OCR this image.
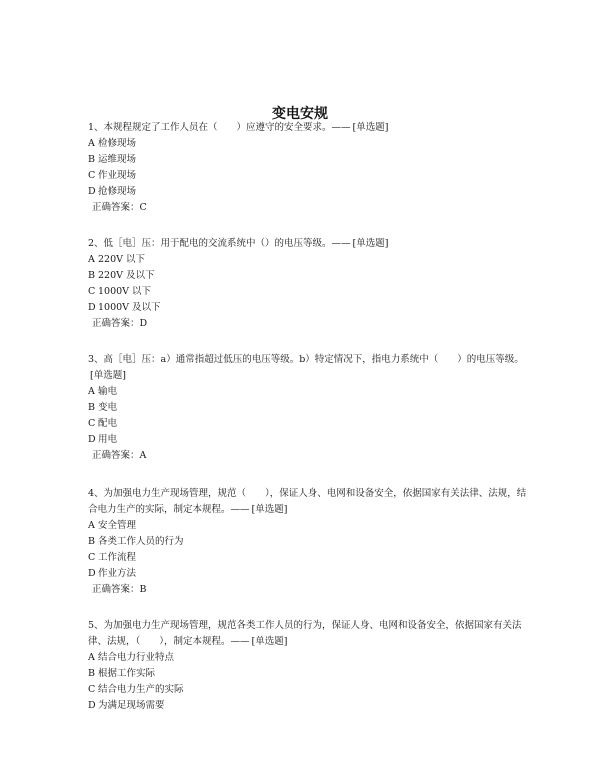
变电安规

1、本规程规定了工作人员在（　　）应遵守的安全要求。—— [单选题]

A 检修现场

B 运维现场

C 作业现场

D 抢修现场

正确答案：C

2、低［电］压：用于配电的交流系统中（）的电压等级。—— [单选题]

A 220V 以下

B 220V 及以下

C 1000V 以下

D 1000V 及以下

正确答案：D

3、高［电］压：a）通常指超过低压的电压等级。b）特定情况下，指电力系统中（　　）的电压等级。[单选题]

A 输电

B 变电

C 配电

D 用电

正确答案：A

4、为加强电力生产现场管理，规范（　　），保证人身、电网和设备安全，依据国家有关法律、法规，结合电力生产的实际，制定本规程。—— [单选题]

A 安全管理

B 各类工作人员的行为

C 工作流程

D 作业方法

正确答案：B

5、为加强电力生产现场管理，规范各类工作人员的行为，保证人身、电网和设备安全，依据国家有关法律、法规，（　　），制定本规程。—— [单选题]

A 结合电力行业特点

B 根据工作实际

C 结合电力生产的实际

D 为满足现场需要
